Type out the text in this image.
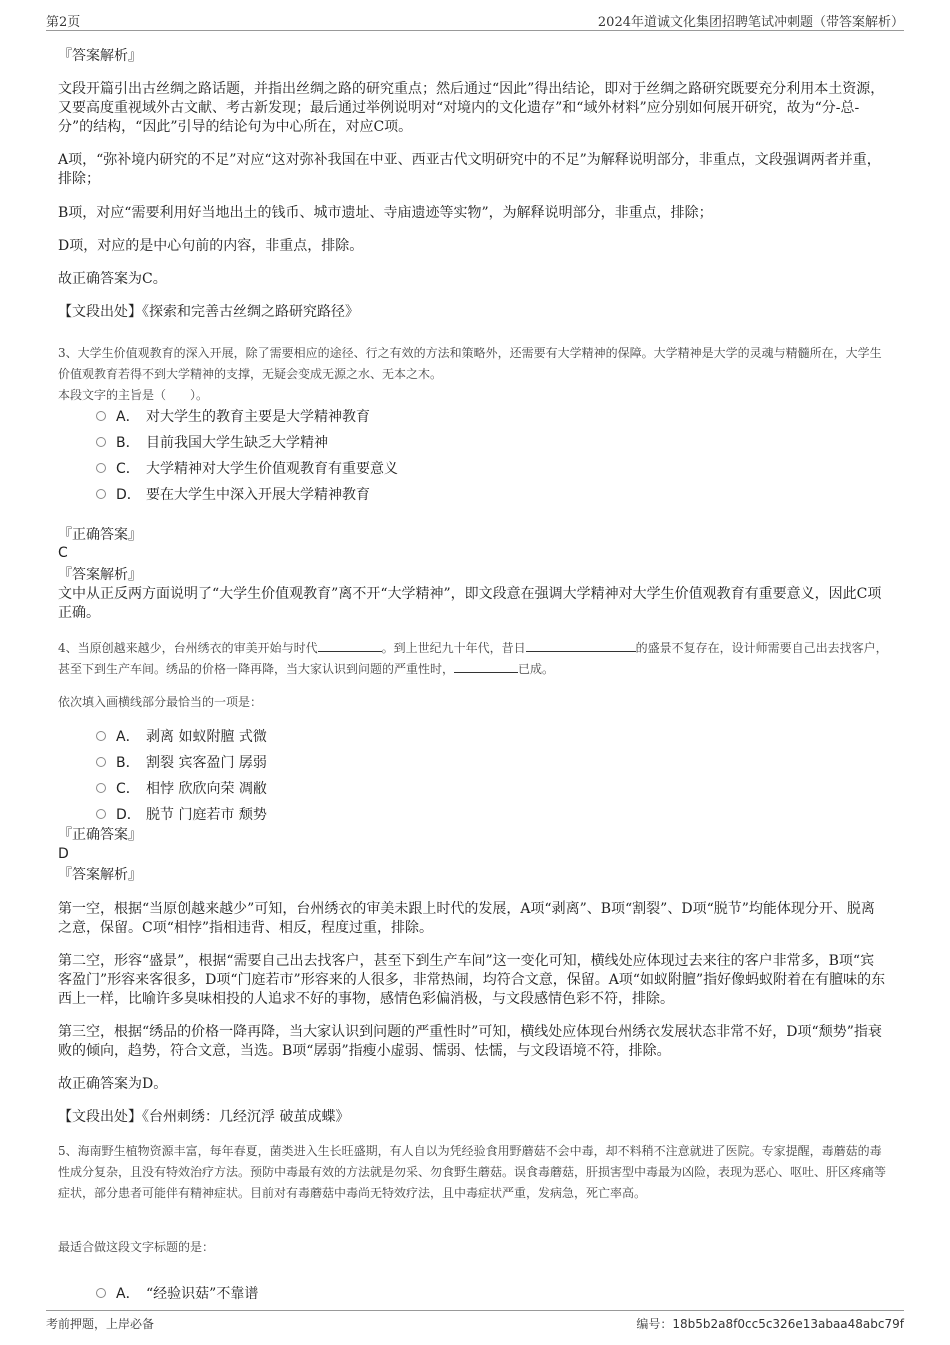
第2页	2024年道诚文化集团招聘笔试冲刺题（带答案解析）

『答案解析』

文段开篇引出古丝绸之路话题，并指出丝绸之路的研究重点；然后通过“因此”得出结论，即对于丝绸之路研究既要充分利用本土资源，又要高度重视域外古文献、考古新发现；最后通过举例说明对“对境内的文化遗存”和“域外材料”应分别如何展开研究，故为“分-总-分”的结构，“因此”引导的结论句为中心所在，对应C项。

A项，“弥补境内研究的不足”对应“这对弥补我国在中亚、西亚古代文明研究中的不足”为解释说明部分，非重点，文段强调两者并重，排除；

B项，对应“需要利用好当地出土的钱币、城市遗址、寺庙遗迹等实物”，为解释说明部分，非重点，排除；

D项，对应的是中心句前的内容，非重点，排除。

故正确答案为C。

【文段出处】《探索和完善古丝绸之路研究路径》

3、大学生价值观教育的深入开展，除了需要相应的途径、行之有效的方法和策略外，还需要有大学精神的保障。大学精神是大学的灵魂与精髓所在，大学生价值观教育若得不到大学精神的支撑，无疑会变成无源之水、无本之木。

本段文字的主旨是（　　）。

A． 对大学生的教育主要是大学精神教育
B． 目前我国大学生缺乏大学精神
C． 大学精神对大学生价值观教育有重要意义
D． 要在大学生中深入开展大学精神教育

『正确答案』

C

『答案解析』

文中从正反两方面说明了“大学生价值观教育”离不开“大学精神”，即文段意在强调大学精神对大学生价值观教育有重要意义，因此C项正确。

4、当原创越来越少，台州绣衣的审美开始与时代	。到上世纪九十年代，昔日	的盛景不复存在，设计师需要自己出去找客户，甚至下到生产车间。绣品的价格一降再降，当大家认识到问题的严重性时，	已成。

依次填入画横线部分最恰当的一项是：

A． 剥离 如蚁附膻 式微
B． 割裂 宾客盈门 孱弱
C． 相悖 欣欣向荣 凋敝
D． 脱节 门庭若市 颓势

『正确答案』

D

『答案解析』

第一空，根据“当原创越来越少”可知，台州绣衣的审美未跟上时代的发展，A项“剥离”、B项“割裂”、D项“脱节”均能体现分开、脱离之意，保留。C项“相悖”指相违背、相反，程度过重，排除。

第二空，形容“盛景”，根据“需要自己出去找客户，甚至下到生产车间”这一变化可知，横线处应体现过去来往的客户非常多，B项“宾客盈门”形容来客很多，D项“门庭若市”形容来的人很多，非常热闹，均符合文意，保留。A项“如蚁附膻”指好像蚂蚁附着在有膻味的东西上一样，比喻许多臭味相投的人追求不好的事物，感情色彩偏消极，与文段感情色彩不符，排除。

第三空，根据“绣品的价格一降再降，当大家认识到问题的严重性时”可知，横线处应体现台州绣衣发展状态非常不好，D项“颓势”指衰败的倾向，趋势，符合文意，当选。B项“孱弱”指瘦小虚弱、懦弱、怯懦，与文段语境不符，排除。

故正确答案为D。

【文段出处】《台州刺绣：几经沉浮 破茧成蝶》

5、海南野生植物资源丰富，每年春夏，菌类进入生长旺盛期，有人自以为凭经验食用野蘑菇不会中毒，却不料稍不注意就进了医院。专家提醒，毒蘑菇的毒性成分复杂，且没有特效治疗方法。预防中毒最有效的方法就是勿采、勿食野生蘑菇。误食毒蘑菇，肝损害型中毒最为凶险，表现为恶心、呕吐、肝区疼痛等症状，部分患者可能伴有精神症状。目前对有毒蘑菇中毒尚无特效疗法，且中毒症状严重，发病急，死亡率高。

最适合做这段文字标题的是：

A． “经验识菇”不靠谱
考前押题，上岸必备	编号：18b5b2a8f0cc5c326e13abaa48abc79f
